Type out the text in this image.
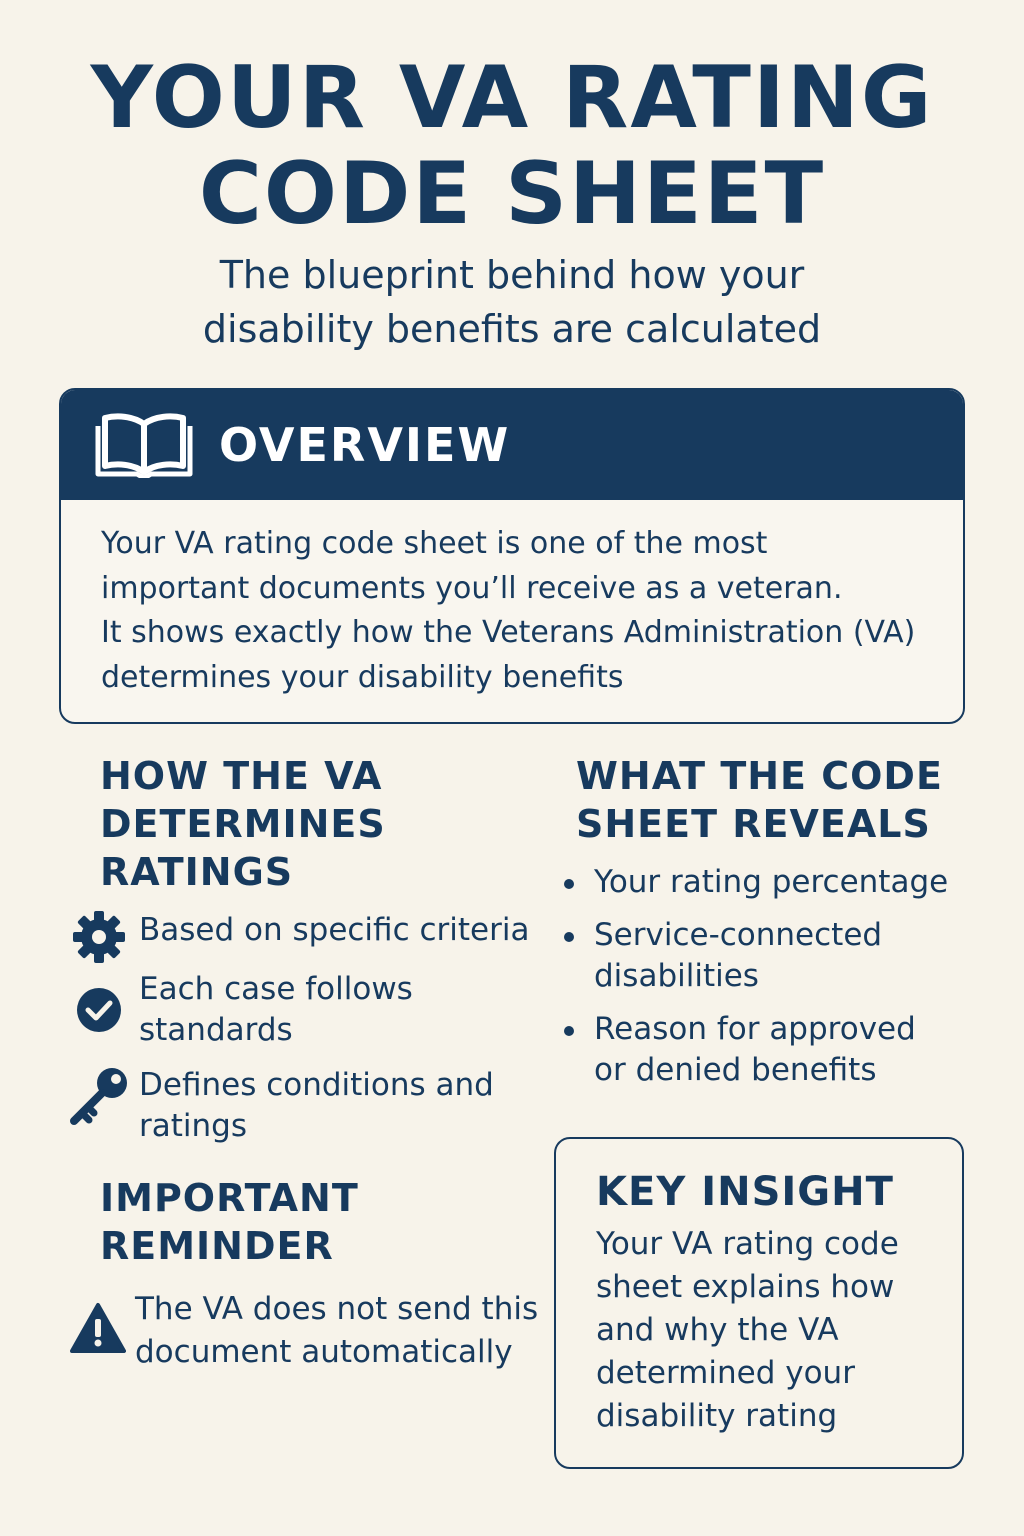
YOUR VA RATING
CODE SHEET

The blueprint behind how your
disability benefits are calculated

OVERVIEW
Your VA rating code sheet is one of the most
important documents you’ll receive as a veteran.
It shows exactly how the Veterans Administration (VA)
determines your disability benefits
HOW THE VA
DETERMINES
RATINGS
Based on specific criteria
Each case follows
standards
Defines conditions and
ratings
WHAT THE CODE
SHEET REVEALS
Your rating percentage
Service-connected
disabilities
Reason for approved
or denied benefits
IMPORTANT
REMINDER
The VA does not send this
document automatically
KEY INSIGHT
Your VA rating code
sheet explains how
and why the VA
determined your
disability rating
